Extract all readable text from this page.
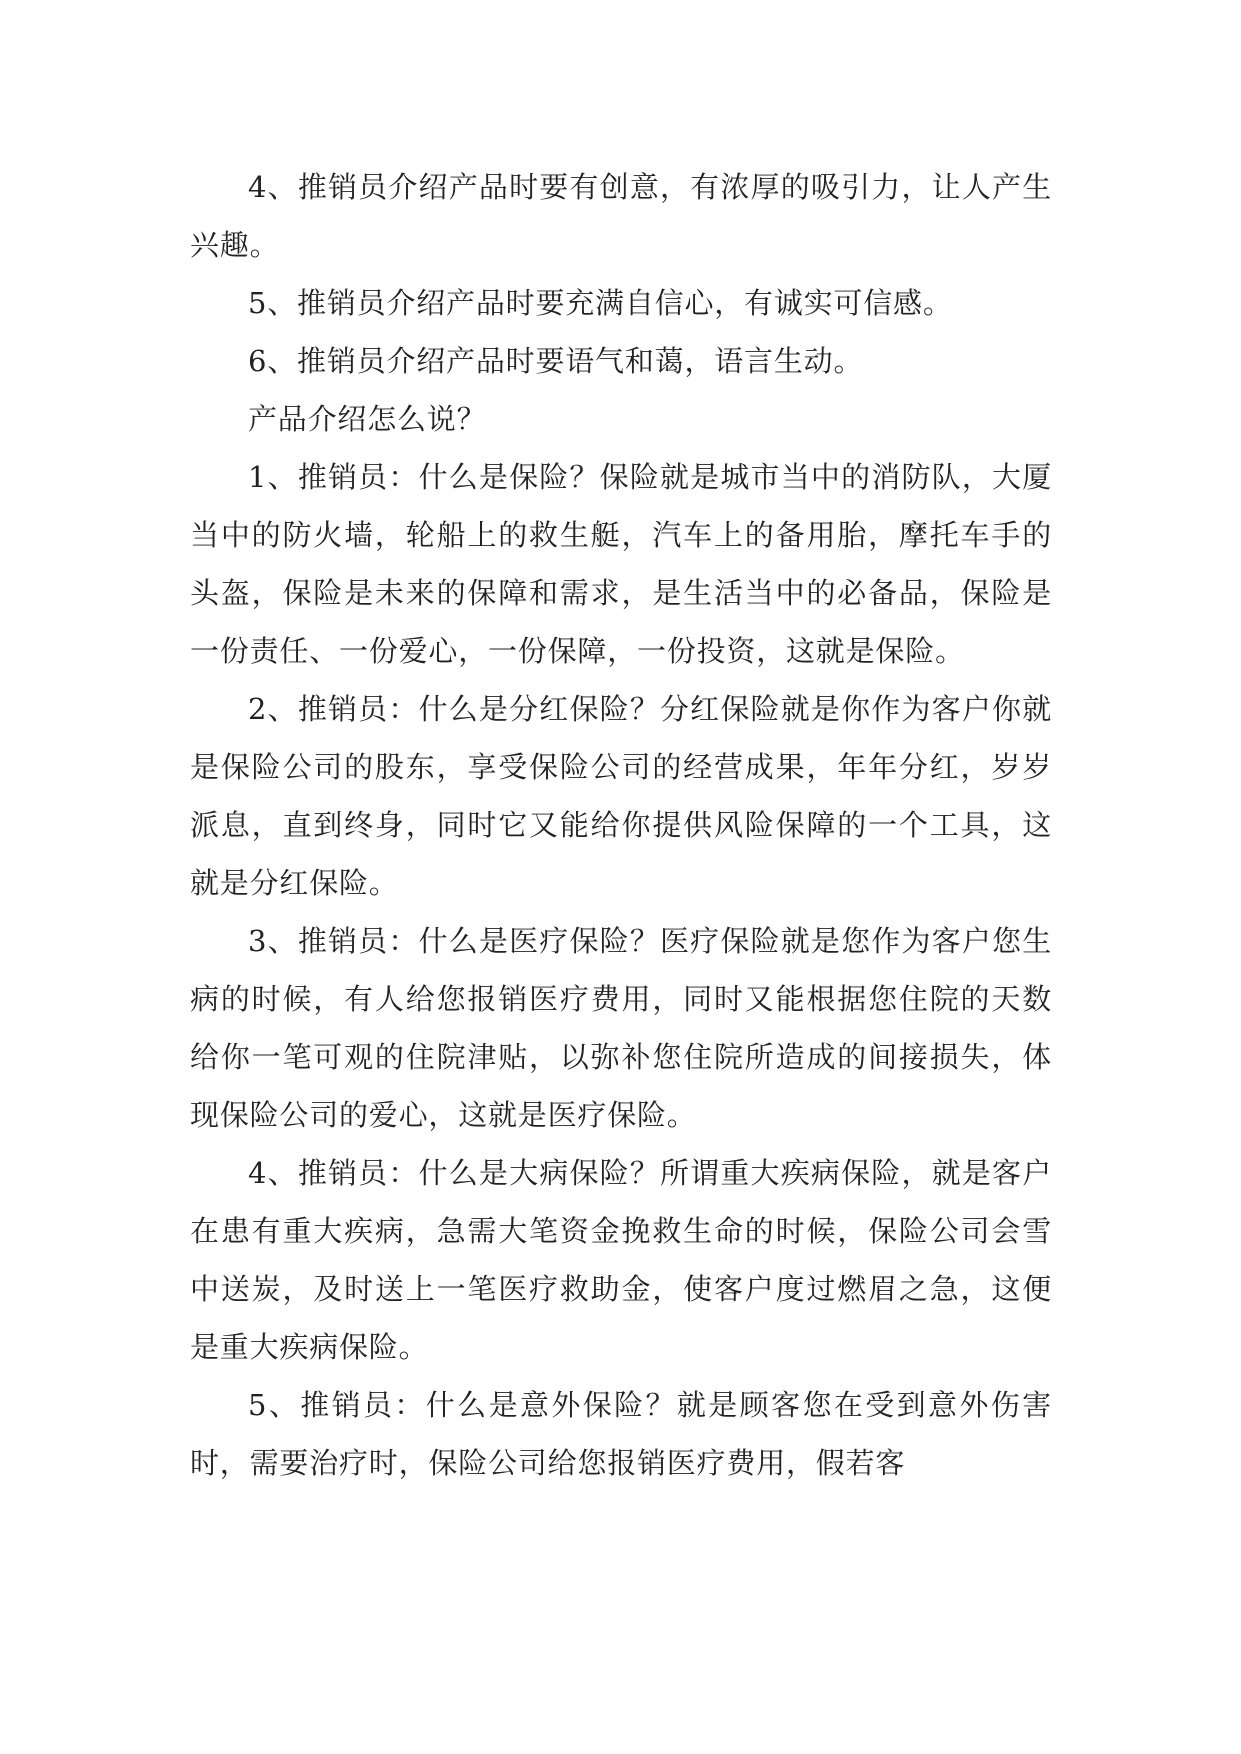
4、推销员介绍产品时要有创意，有浓厚的吸引力，让人产生兴趣。

5、推销员介绍产品时要充满自信心，有诚实可信感。

6、推销员介绍产品时要语气和蔼，语言生动。

产品介绍怎么说？

1、推销员：什么是保险？保险就是城市当中的消防队，大厦当中的防火墙，轮船上的救生艇，汽车上的备用胎，摩托车手的头盔，保险是未来的保障和需求，是生活当中的必备品，保险是一份责任、一份爱心，一份保障，一份投资，这就是保险。

2、推销员：什么是分红保险？分红保险就是你作为客户你就是保险公司的股东，享受保险公司的经营成果，年年分红，岁岁派息，直到终身，同时它又能给你提供风险保障的一个工具，这就是分红保险。

3、推销员：什么是医疗保险？医疗保险就是您作为客户您生病的时候，有人给您报销医疗费用，同时又能根据您住院的天数给你一笔可观的住院津贴，以弥补您住院所造成的间接损失，体现保险公司的爱心，这就是医疗保险。

4、推销员：什么是大病保险？所谓重大疾病保险，就是客户在患有重大疾病，急需大笔资金挽救生命的时候，保险公司会雪中送炭，及时送上一笔医疗救助金，使客户度过燃眉之急，这便是重大疾病保险。

5、推销员：什么是意外保险？就是顾客您在受到意外伤害时，需要治疗时，保险公司给您报销医疗费用，假若客
